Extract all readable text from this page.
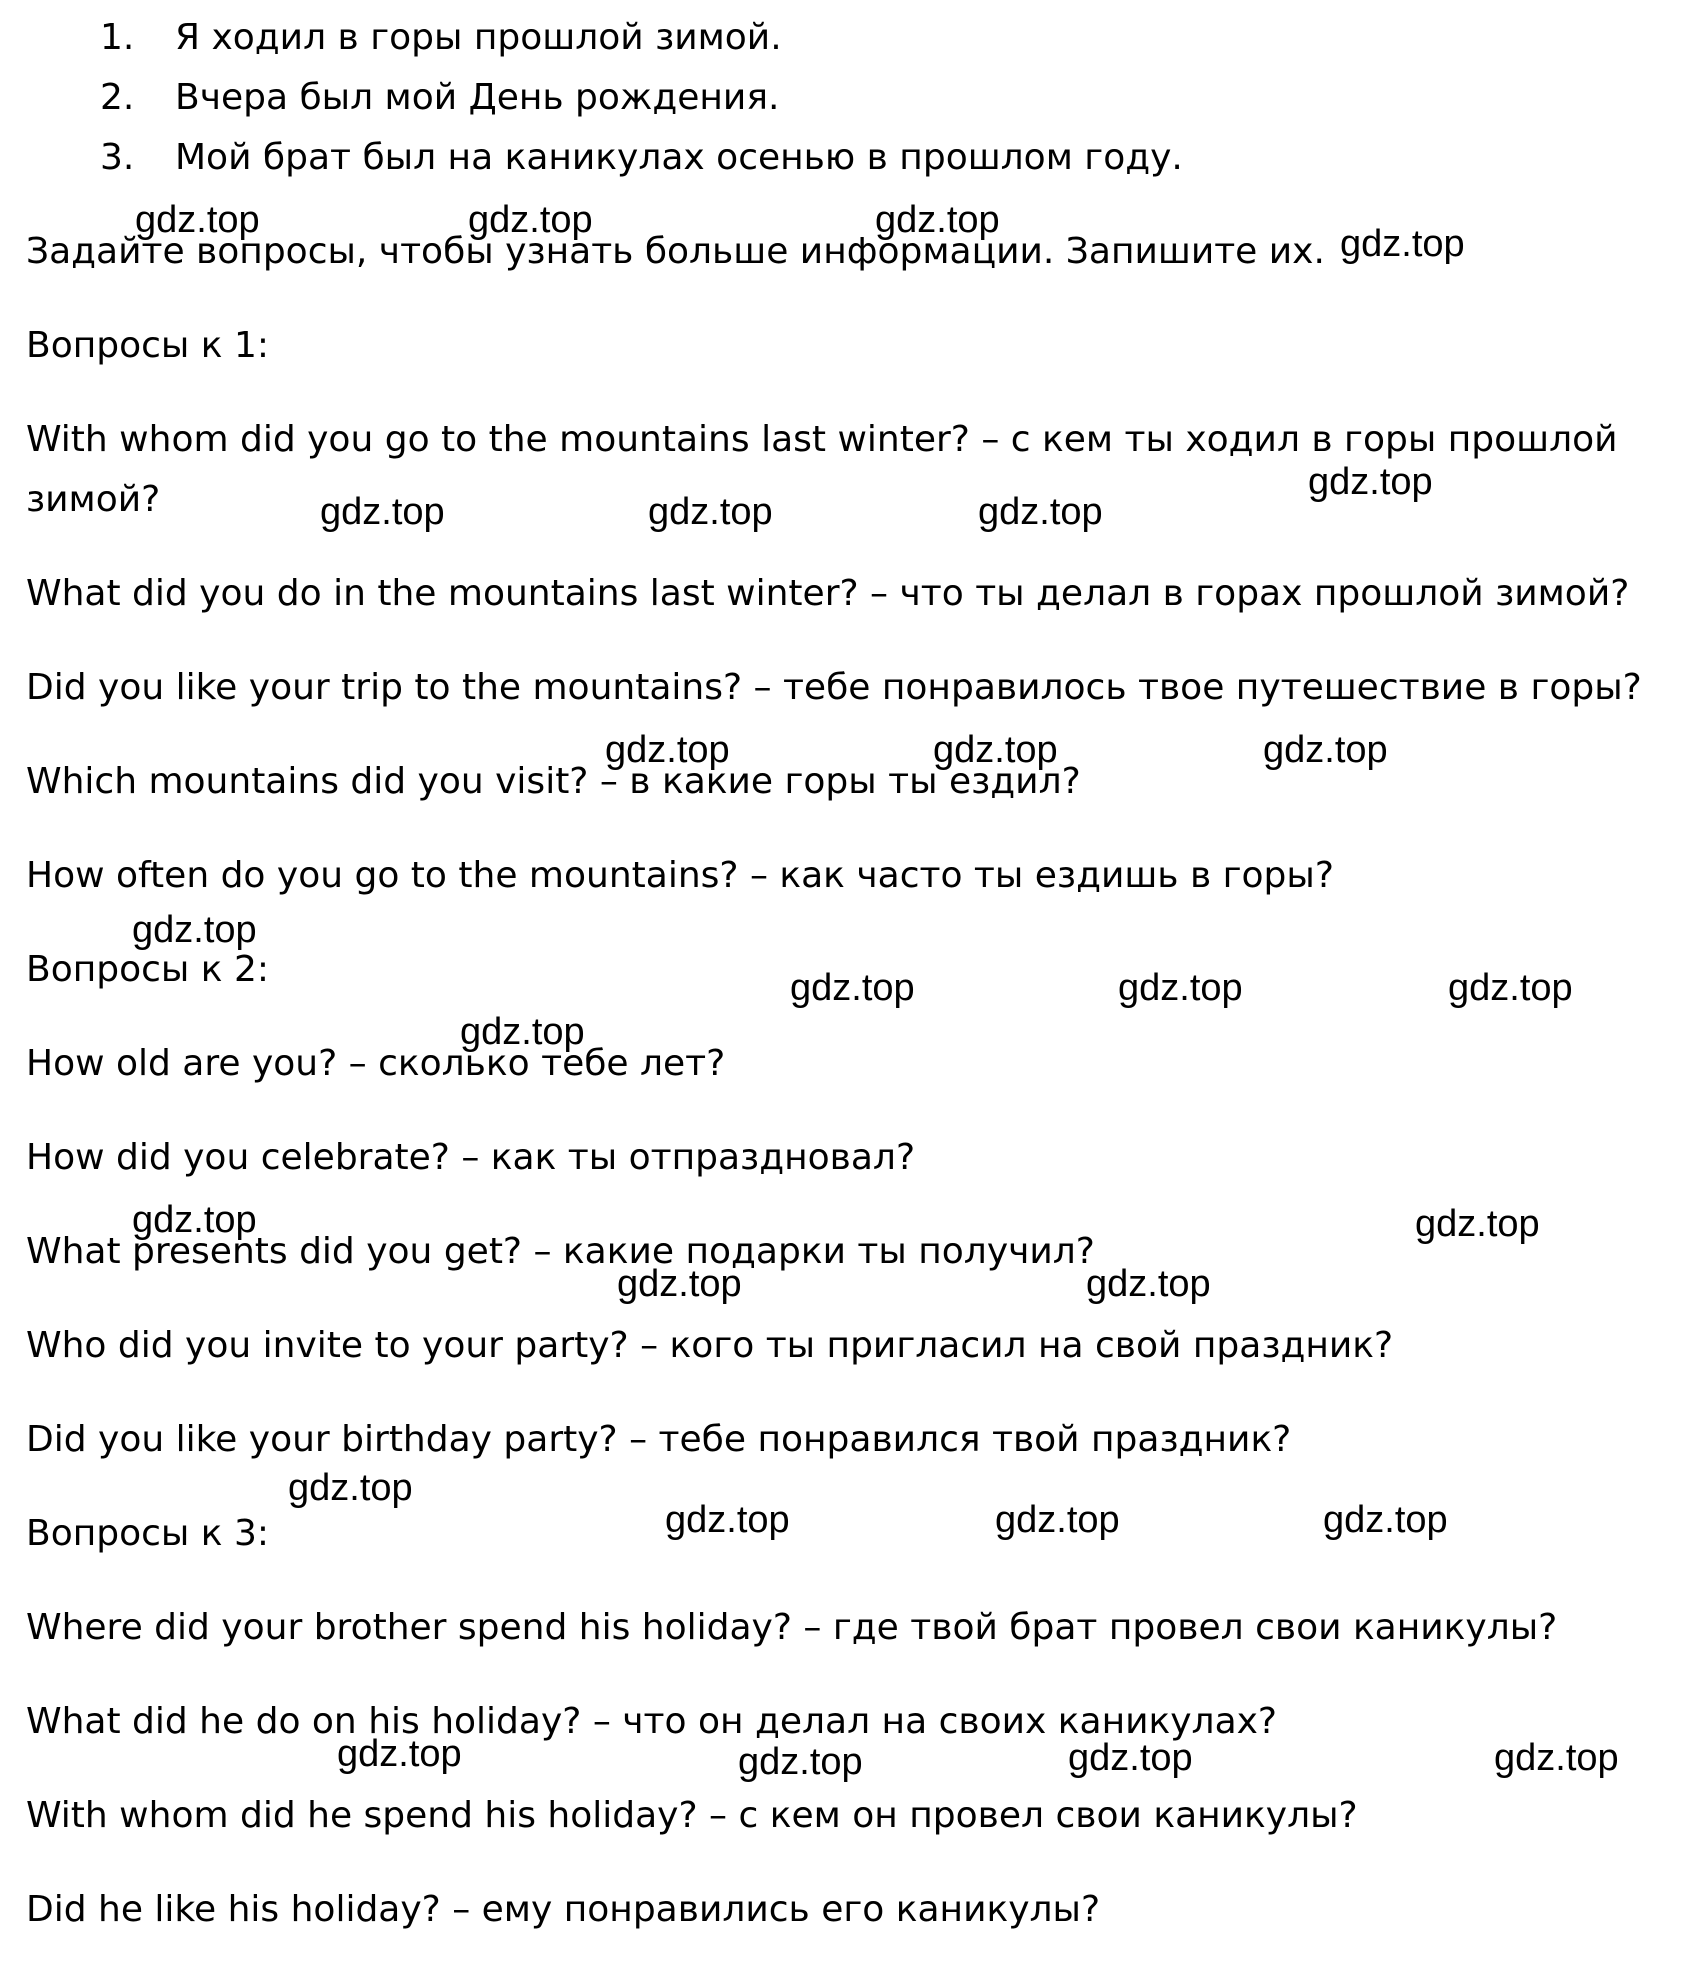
1. Я ходил в горы прошлой зимой.
2. Вчера был мой День рождения.
3. Мой брат был на каникулах осенью в прошлом году.
Задайте вопросы, чтобы узнать больше информации. Запишите их.
Вопросы к 1:
With whom did you go to the mountains last winter? – с кем ты ходил в горы прошлой
зимой?
What did you do in the mountains last winter? – что ты делал в горах прошлой зимой?
Did you like your trip to the mountains? – тебе понравилось твое путешествие в горы?
Which mountains did you visit? – в какие горы ты ездил?
How often do you go to the mountains? – как часто ты ездишь в горы?
Вопросы к 2:
How old are you? – сколько тебе лет?
How did you celebrate? – как ты отпраздновал?
What presents did you get? – какие подарки ты получил?
Who did you invite to your party? – кого ты пригласил на свой праздник?
Did you like your birthday party? – тебе понравился твой праздник?
Вопросы к 3:
Where did your brother spend his holiday? – где твой брат провел свои каникулы?
What did he do on his holiday? – что он делал на своих каникулах?
With whom did he spend his holiday? – с кем он провел свои каникулы?
Did he like his holiday? – ему понравились его каникулы?
gdz.top	gdz.top	gdz.top
gdz.top
gdz.top
gdz.top	gdz.top	gdz.top
gdz.top	gdz.top	gdz.top
gdz.top
gdz.top	gdz.top	gdz.top
gdz.top
gdz.top	gdz.top
gdz.top	gdz.top
gdz.top
gdz.top	gdz.top	gdz.top
gdz.top	gdz.top	gdz.top	gdz.top
